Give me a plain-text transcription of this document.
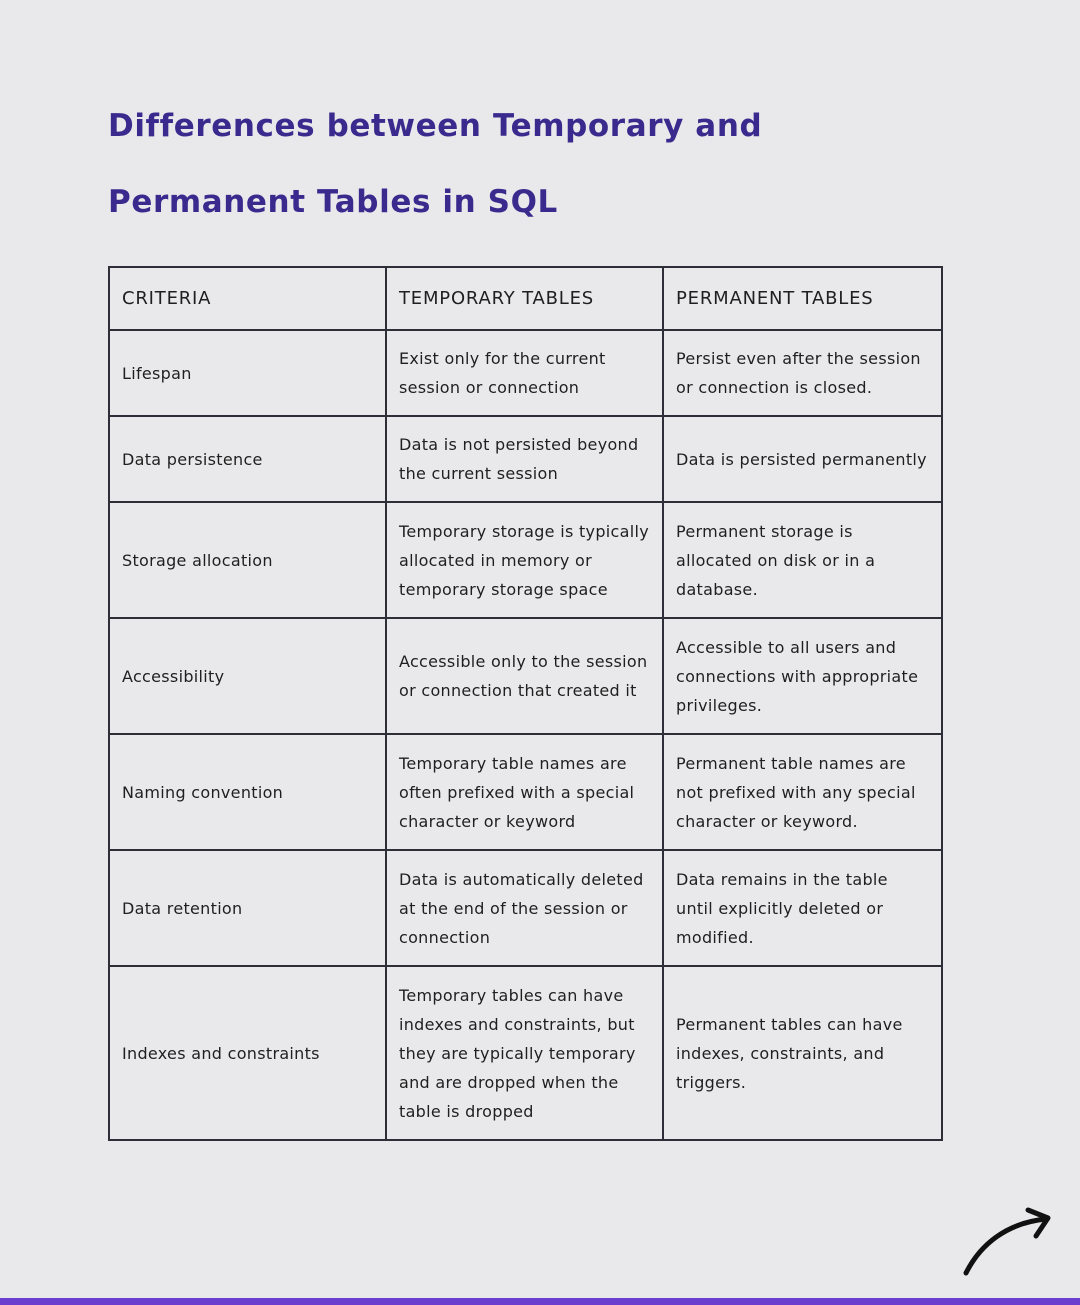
Differences between Temporary and
Permanent Tables in SQL
CRITERIA	TEMPORARY TABLES	PERMANENT TABLES
Lifespan	Exist only for the current session or connection	Persist even after the session or connection is closed.
Data persistence	Data is not persisted beyond the current session	Data is persisted permanently
Storage allocation	Temporary storage is typically allocated in memory or temporary storage space	Permanent storage is allocated on disk or in a database.
Accessibility	Accessible only to the session or connection that created it	Accessible to all users and connections with appropriate privileges.
Naming convention	Temporary table names are often prefixed with a special character or keyword	Permanent table names are not prefixed with any special character or keyword.
Data retention	Data is automatically deleted at the end of the session or connection	Data remains in the table until explicitly deleted or modified.
Indexes and constraints	Temporary tables can have indexes and constraints, but they are typically temporary and are dropped when the table is dropped	Permanent tables can have indexes, constraints, and triggers.
